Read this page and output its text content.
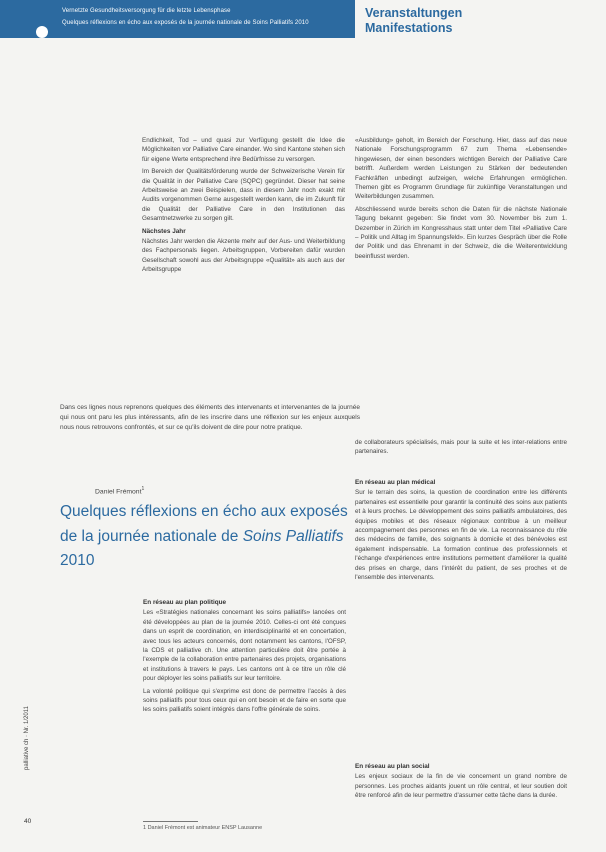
Vernetzte Gesundheitsversorgung für die letzte Lebensphase
Quelques réflexions en écho aux exposés de la journée nationale de Soins Palliatifs 2010
Veranstaltungen
Manifestations

Endlichkeit, Tod – und quasi zur Verfügung gestellt die Idee die Möglichkeiten vor Palliative Care einander. Wo sind Kantone stehen sich für eigene Werte entsprechend ihre Bedürfnisse zu versorgen.

Im Bereich der Qualitätsförderung wurde der Schweizerische Verein für die Qualität in der Palliative Care (SQPC) gegründet. Dieser hat seine Arbeitsweise an zwei Beispielen, dass in diesem Jahr noch exakt mit Audits vorgenommen Gerne ausgestellt werden kann, die im Zukunft für die Qualität der Palliative Care in den Institutionen das Gesamtnetzwerke zu sorgen gilt.

Nächstes Jahr

Nächstes Jahr werden die Akzente mehr auf der Aus- und Weiterbildung des Fachpersonals liegen. Arbeitsgruppen, Vorbereiten dafür wurden Gesellschaft sowohl aus der Arbeitsgruppe «Qualität» als auch aus der Arbeitsgruppe

«Ausbildung» geholt, im Bereich der Forschung. Hier, dass auf das neue Nationale Forschungsprogramm 67 zum Thema «Lebensende» hingewiesen, der einen besonders wichtigen Bereich der Palliative Care betrifft. Außerdem werden Leistungen zu Stärken der bedeutenden Fachkräften unbedingt aufzeigen, welche Erfahrungen ermöglichen. Themen gibt es Programm Grundlage für zukünftige Veranstaltungen und Weiterbildungen zusammen.

Abschliessend wurde bereits schon die Daten für die nächste Nationale Tagung bekannt gegeben: Sie findet vom 30. November bis zum 1. Dezember in Zürich im Kongresshaus statt unter dem Titel «Palliative Care – Politik und Alltag im Spannungsfeld». Ein kurzes Gespräch über die Rolle der Politik und das Ehrenamt in der Schweiz, die die Weiterentwicklung beeinflusst werden.

Dans ces lignes nous reprenons quelques des éléments des intervenants et intervenantes de la journée qui nous ont paru les plus intéressants, afin de les inscrire dans une réflexion sur les enjeux auxquels nous nous retrouvons confrontés, et sur ce qu'ils doivent de dire pour notre pratique.

de collaborateurs spécialisés, mais pour la suite et les inter-relations entre partenaires.

Daniel Frémont$^1$
Quelques réflexions en écho aux exposés de la journée nationale de Soins Palliatifs 2010
En réseau au plan politique

Les «Stratégies nationales concernant les soins palliatifs» lancées ont été développées au plan de la journée 2010. Celles-ci ont été conçues dans un esprit de coordination, en interdisciplinarité et en concertation, avec tous les acteurs concernés, dont notamment les cantons, l'OFSP, la CDS et palliative ch. Une attention particulière doit être portée à l'exemple de la collaboration entre partenaires des projets, organisations et institutions à travers le pays. Les cantons ont à ce titre un rôle clé pour déployer les soins palliatifs sur leur territoire.

La volonté politique qui s'exprime est donc de permettre l'accès à des soins palliatifs pour tous ceux qui en ont besoin et de faire en sorte que les soins palliatifs soient intégrés dans l'offre générale de soins.

En réseau au plan médical

Sur le terrain des soins, la question de coordination entre les différents partenaires est essentielle pour garantir la continuité des soins aux patients et à leurs proches. Le développement des soins palliatifs ambulatoires, des équipes mobiles et des réseaux régionaux contribue à un meilleur accompagnement des personnes en fin de vie. La reconnaissance du rôle des médecins de famille, des soignants à domicile et des bénévoles est également indispensable. La formation continue des professionnels et l'échange d'expériences entre institutions permettent d'améliorer la qualité des prises en charge, dans l'intérêt du patient, de ses proches et de l'ensemble des intervenants.

En réseau au plan social

Les enjeux sociaux de la fin de vie concernent un grand nombre de personnes. Les proches aidants jouent un rôle central, et leur soutien doit être renforcé afin de leur permettre d'assumer cette tâche dans la durée.

1 Daniel Frémont est animateur ENSP Lausanne
palliative ch · Nr. 1/2011
40
